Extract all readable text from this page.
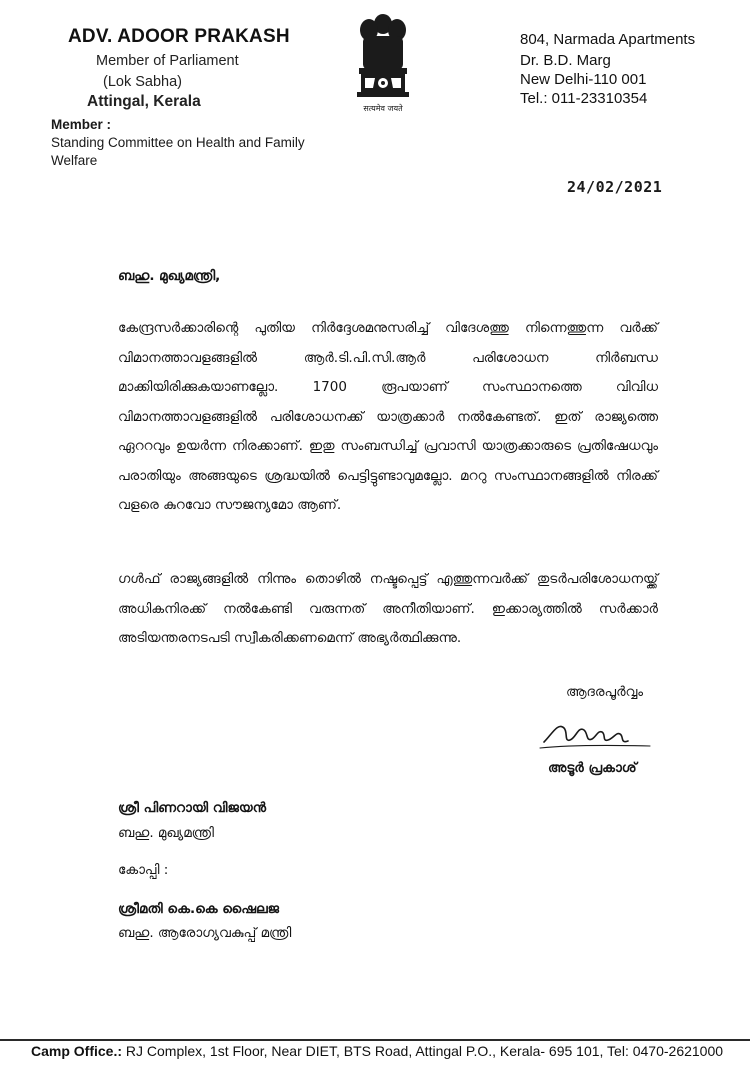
ADV. ADOOR PRAKASH
Member of Parliament
(Lok Sabha)
Attingal, Kerala
Member :
Standing Committee on Health and Family Welfare
सत्यमेव जयते
804, Narmada Apartments
Dr. B.D. Marg
New Delhi-110 001
Tel.: 011-23310354
24/02/2021
ബഹു. മുഖ്യമന്ത്രി,
കേന്ദ്രസർക്കാരിന്റെ പുതിയ നിർദ്ദേശമനുസരിച്ച് വിദേശത്തു നിന്നെത്തുന്ന വർക്ക് വിമാനത്താവളങ്ങളിൽ ആർ.ടി.പി.സി.ആർ പരിശോധന നിർബന്ധ മാക്കിയിരിക്കുകയാണല്ലോ. 1700 രൂപയാണ് സംസ്ഥാനത്തെ വിവിധ വിമാനത്താവളങ്ങളിൽ പരിശോധനക്ക് യാത്രക്കാർ നൽകേണ്ടത്. ഇത് രാജ്യത്തെ ഏററവും ഉയർന്ന നിരക്കാണ്. ഇതു സംബന്ധിച്ച് പ്രവാസി യാത്രക്കാരുടെ പ്രതിഷേധവും പരാതിയും അങ്ങയുടെ ശ്രദ്ധയിൽ പെട്ടിട്ടുണ്ടാവുമല്ലോ. മററു സംസ്ഥാനങ്ങളിൽ നിരക്ക് വളരെ കുറവോ സൗജന്യമോ ആണ്.
ഗൾഫ് രാജ്യങ്ങളിൽ നിന്നും തൊഴിൽ നഷ്ടപ്പെട്ട് എത്തുന്നവർക്ക് തുടർപരിശോധനയ്ക്ക് അധികനിരക്ക് നൽകേണ്ടി വരുന്നത് അനീതിയാണ്. ഇക്കാര്യത്തിൽ സർക്കാർ അടിയന്തരനടപടി സ്വീകരിക്കണമെന്ന് അഭ്യർത്ഥിക്കുന്നു.
ആദരപൂർവ്വം
അടൂർ പ്രകാശ്
ശ്രീ പിണറായി വിജയൻ
ബഹു. മുഖ്യമന്ത്രി
കോപ്പി :
ശ്രീമതി കെ.കെ ഷൈലജ
ബഹു. ആരോഗ്യവകുപ്പ് മന്ത്രി
Camp Office.: RJ Complex, 1st Floor, Near DIET, BTS Road, Attingal P.O., Kerala- 695 101, Tel: 0470-2621000
